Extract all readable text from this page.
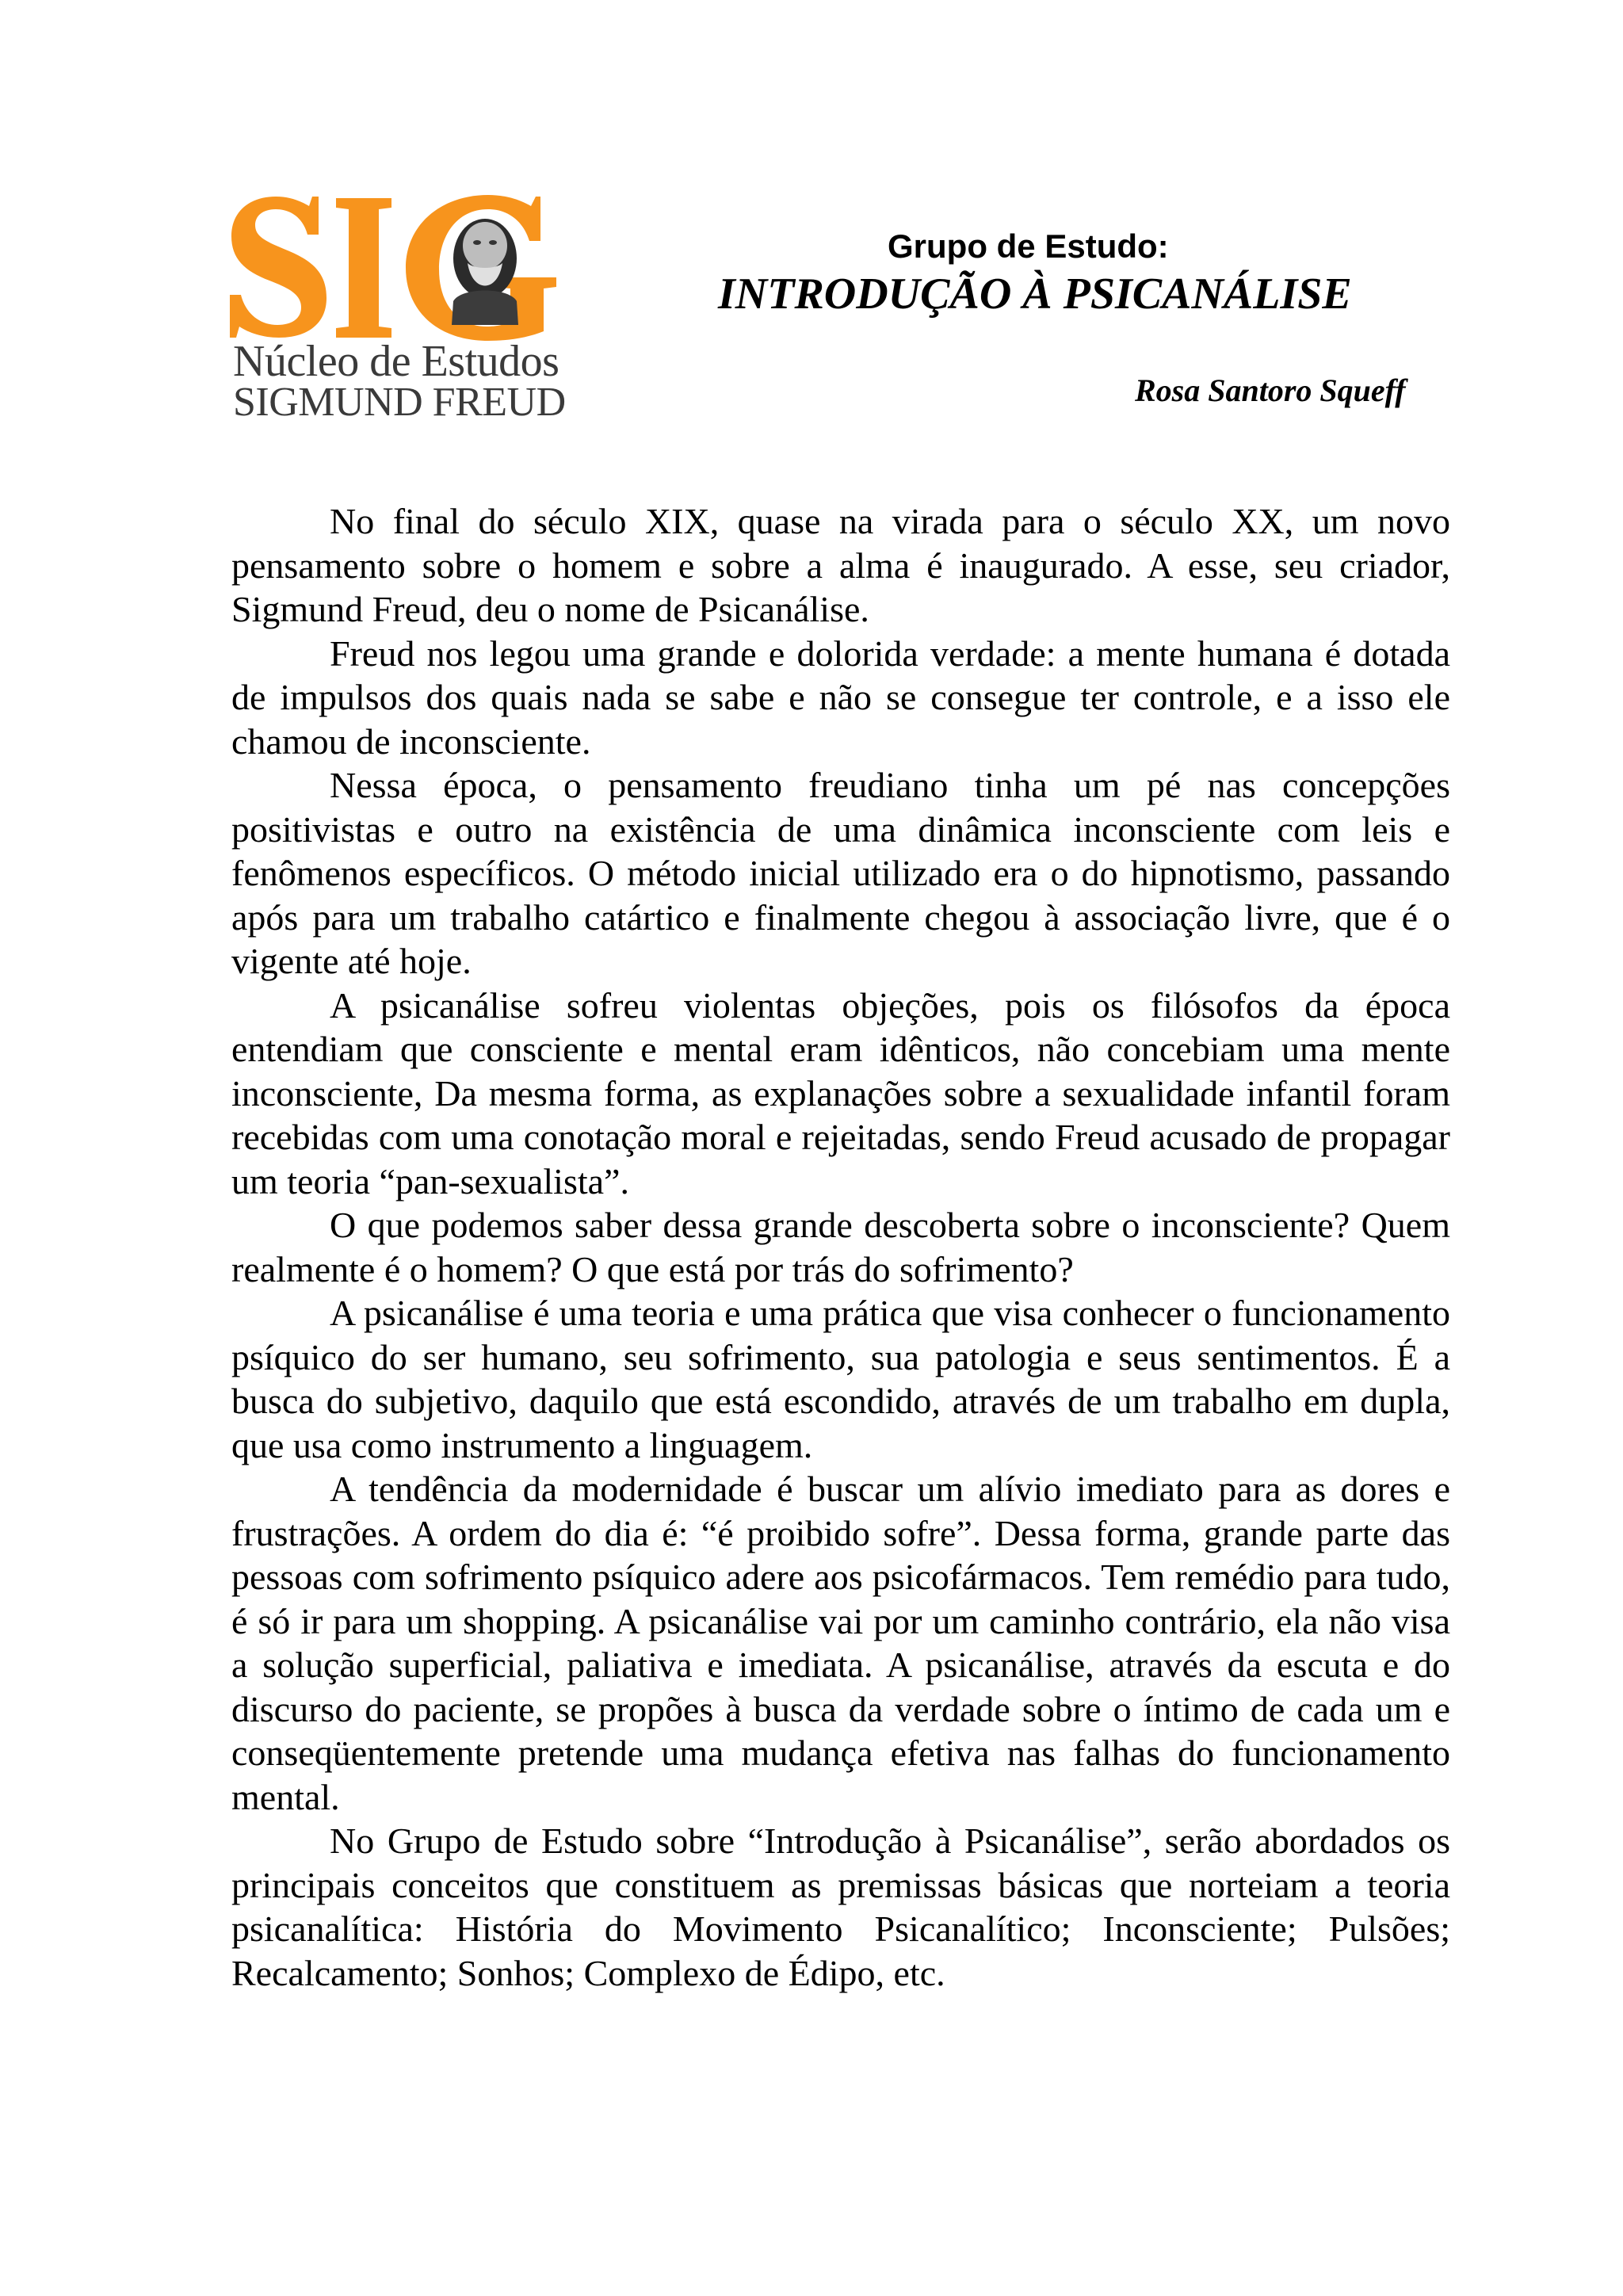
Núcleo de Estudos
SIGMUND FREUD
Grupo de Estudo:
INTRODUÇÃO À PSICANÁLISE
Rosa Santoro Squeff

No final do século XIX, quase na virada para o século XX, um novo pensamento sobre o homem e sobre a alma é inaugurado. A esse, seu criador, Sigmund Freud, deu o nome de Psicanálise.

Freud nos legou uma grande e dolorida verdade: a mente humana é dotada de impulsos dos quais nada se sabe e não se consegue ter controle, e a isso ele chamou de inconsciente.

Nessa época, o pensamento freudiano tinha um pé nas concepções positivistas e outro na existência de uma dinâmica inconsciente com leis e fenômenos específicos. O método inicial utilizado era o do hipnotismo, passando após para um trabalho catártico e finalmente chegou à associação livre, que é o vigente até hoje.

A psicanálise sofreu violentas objeções, pois os filósofos da época entendiam que consciente e mental eram idênticos, não concebiam uma mente inconsciente, Da mesma forma, as explanações sobre a sexualidade infantil foram recebidas com uma conotação moral e rejeitadas, sendo Freud acusado de propagar um teoria “pan-sexualista”.

O que podemos saber dessa grande descoberta sobre o inconsciente? Quem realmente é o homem? O que está por trás do sofrimento?

A psicanálise é uma teoria e uma prática que visa conhecer o funcionamento psíquico do ser humano, seu sofrimento, sua patologia e seus sentimentos. É a busca do subjetivo, daquilo que está escondido, através de um trabalho em dupla, que usa como instrumento a linguagem.

A tendência da modernidade é buscar um alívio imediato para as dores e frustrações. A ordem do dia é: “é proibido sofre”. Dessa forma, grande parte das pessoas com sofrimento psíquico adere aos psicofármacos. Tem remédio para tudo, é só ir para um shopping. A psicanálise vai por um caminho contrário, ela não visa a solução superficial, paliativa e imediata. A psicanálise, através da escuta e do discurso do paciente, se propões à busca da verdade sobre o íntimo de cada um e conseqüentemente pretende uma mudança efetiva nas falhas do funcionamento mental.

No Grupo de Estudo sobre “Introdução à Psicanálise”, serão abordados os principais conceitos que constituem as premissas básicas que norteiam a teoria psicanalítica: História do Movimento Psicanalítico; Inconsciente; Pulsões; Recalcamento; Sonhos; Complexo de Édipo, etc.
